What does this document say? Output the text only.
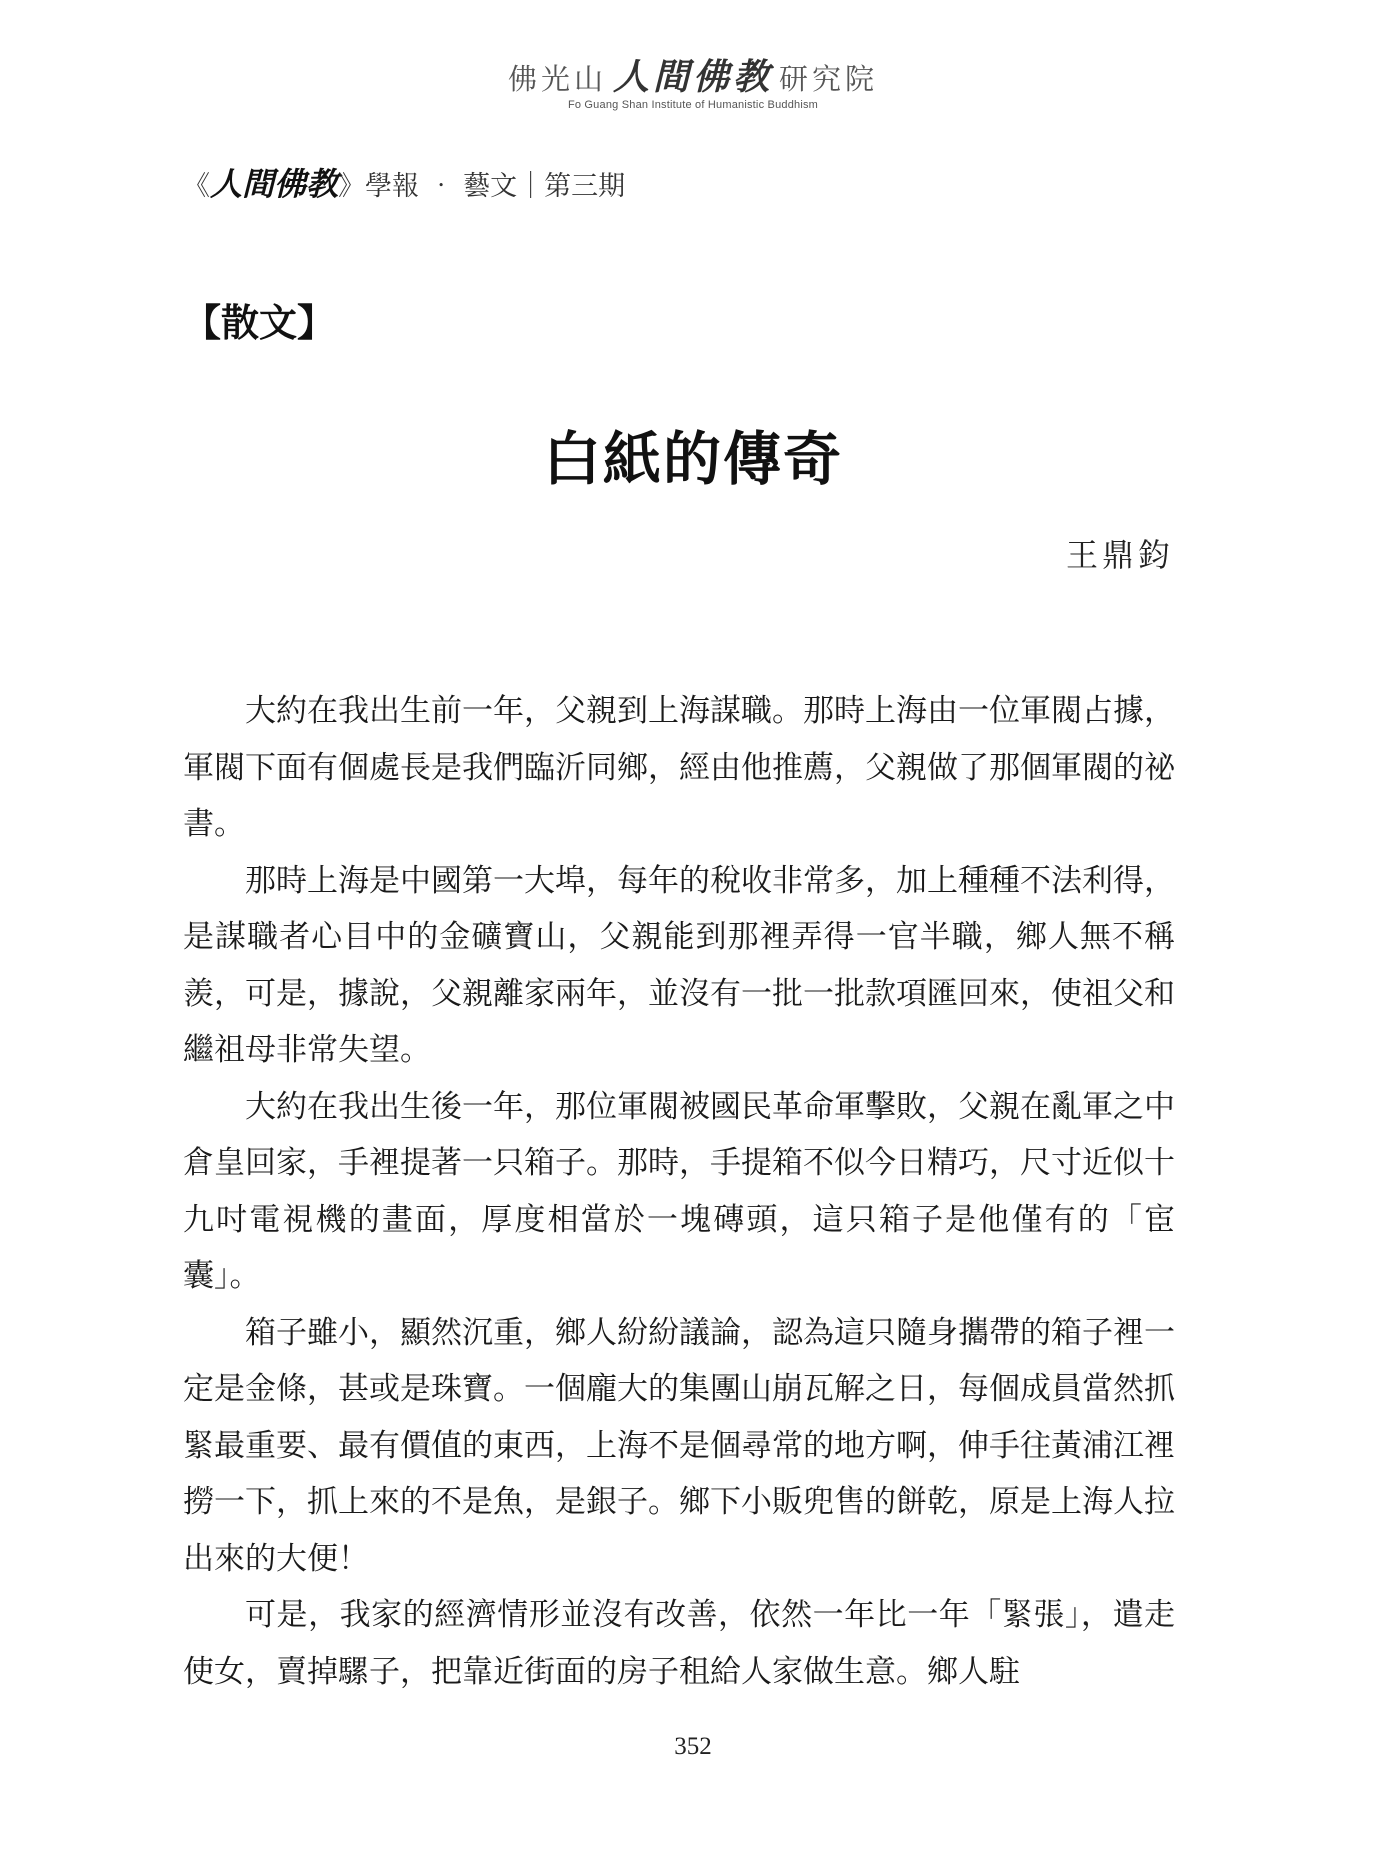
佛光山 人間佛教 研究院
Fo Guang Shan Institute of Humanistic Buddhism
《人間佛教》學報 ‧ 藝文｜第三期
【散文】
白紙的傳奇
王鼎鈞

大約在我出生前一年，父親到上海謀職。那時上海由一位軍閥占據，軍閥下面有個處長是我們臨沂同鄉，經由他推薦，父親做了那個軍閥的祕書。

那時上海是中國第一大埠，每年的稅收非常多，加上種種不法利得，是謀職者心目中的金礦寶山，父親能到那裡弄得一官半職，鄉人無不稱羨，可是，據說，父親離家兩年，並沒有一批一批款項匯回來，使祖父和繼祖母非常失望。

大約在我出生後一年，那位軍閥被國民革命軍擊敗，父親在亂軍之中倉皇回家，手裡提著一只箱子。那時，手提箱不似今日精巧，尺寸近似十九吋電視機的畫面，厚度相當於一塊磚頭，這只箱子是他僅有的「宦囊」。

箱子雖小，顯然沉重，鄉人紛紛議論，認為這只隨身攜帶的箱子裡一定是金條，甚或是珠寶。一個龐大的集團山崩瓦解之日，每個成員當然抓緊最重要、最有價值的東西，上海不是個尋常的地方啊，伸手往黃浦江裡撈一下，抓上來的不是魚，是銀子。鄉下小販兜售的餅乾，原是上海人拉出來的大便！

可是，我家的經濟情形並沒有改善，依然一年比一年「緊張」，遣走使女，賣掉騾子，把靠近街面的房子租給人家做生意。鄉人駐

352
